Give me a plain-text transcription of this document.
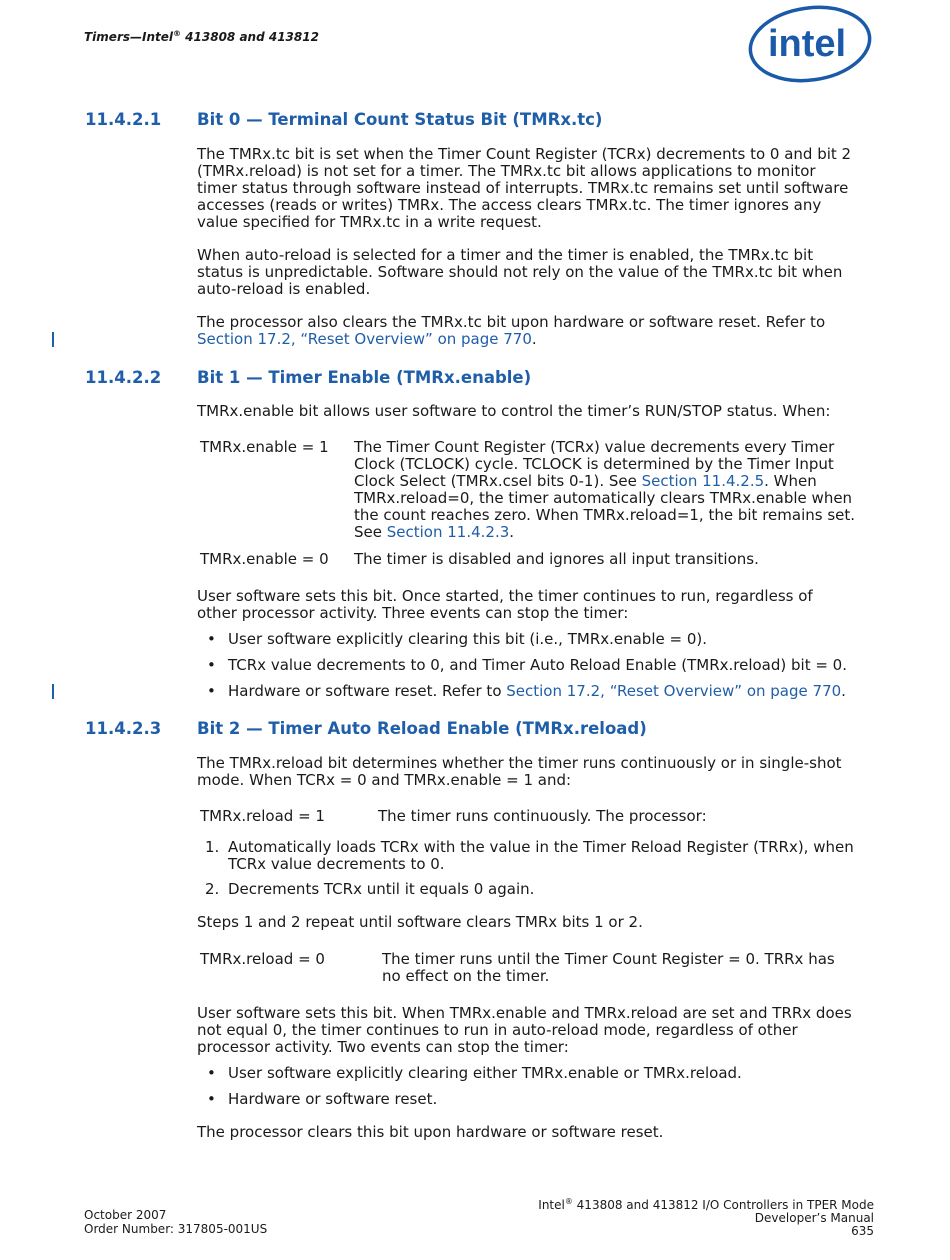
Timers—Intel® 413808 and 413812	intel
11.4.2.1 Bit 0 — Terminal Count Status Bit (TMRx.tc)
The TMRx.tc bit is set when the Timer Count Register (TCRx) decrements to 0 and bit 2
(TMRx.reload) is not set for a timer. The TMRx.tc bit allows applications to monitor
timer status through software instead of interrupts. TMRx.tc remains set until software
accesses (reads or writes) TMRx. The access clears TMRx.tc. The timer ignores any
value specified for TMRx.tc in a write request.
When auto-reload is selected for a timer and the timer is enabled, the TMRx.tc bit
status is unpredictable. Software should not rely on the value of the TMRx.tc bit when
auto-reload is enabled.
The processor also clears the TMRx.tc bit upon hardware or software reset. Refer to
Section 17.2, “Reset Overview” on page 770.
11.4.2.2 Bit 1 — Timer Enable (TMRx.enable)
TMRx.enable bit allows user software to control the timer’s RUN/STOP status. When:
TMRx.enable = 1 The Timer Count Register (TCRx) value decrements every Timer
Clock (TCLOCK) cycle. TCLOCK is determined by the Timer Input
Clock Select (TMRx.csel bits 0-1). See Section 11.4.2.5. When
TMRx.reload=0, the timer automatically clears TMRx.enable when
the count reaches zero. When TMRx.reload=1, the bit remains set.
See Section 11.4.2.3.
TMRx.enable = 0 The timer is disabled and ignores all input transitions.
User software sets this bit. Once started, the timer continues to run, regardless of
other processor activity. Three events can stop the timer:
• User software explicitly clearing this bit (i.e., TMRx.enable = 0).
• TCRx value decrements to 0, and Timer Auto Reload Enable (TMRx.reload) bit = 0.
• Hardware or software reset. Refer to Section 17.2, “Reset Overview” on page 770.
11.4.2.3 Bit 2 — Timer Auto Reload Enable (TMRx.reload)
The TMRx.reload bit determines whether the timer runs continuously or in single-shot
mode. When TCRx = 0 and TMRx.enable = 1 and:
TMRx.reload = 1	The timer runs continuously. The processor:
1. Automatically loads TCRx with the value in the Timer Reload Register (TRRx), when
TCRx value decrements to 0.
2. Decrements TCRx until it equals 0 again.
Steps 1 and 2 repeat until software clears TMRx bits 1 or 2.
TMRx.reload = 0	The timer runs until the Timer Count Register = 0. TRRx has
no effect on the timer.
User software sets this bit. When TMRx.enable and TMRx.reload are set and TRRx does
not equal 0, the timer continues to run in auto-reload mode, regardless of other
processor activity. Two events can stop the timer:
• User software explicitly clearing either TMRx.enable or TMRx.reload.
• Hardware or software reset.
The processor clears this bit upon hardware or software reset.
October 2007
Order Number: 317805-001US
Intel® 413808 and 413812 I/O Controllers in TPER Mode
Developer’s Manual
635
